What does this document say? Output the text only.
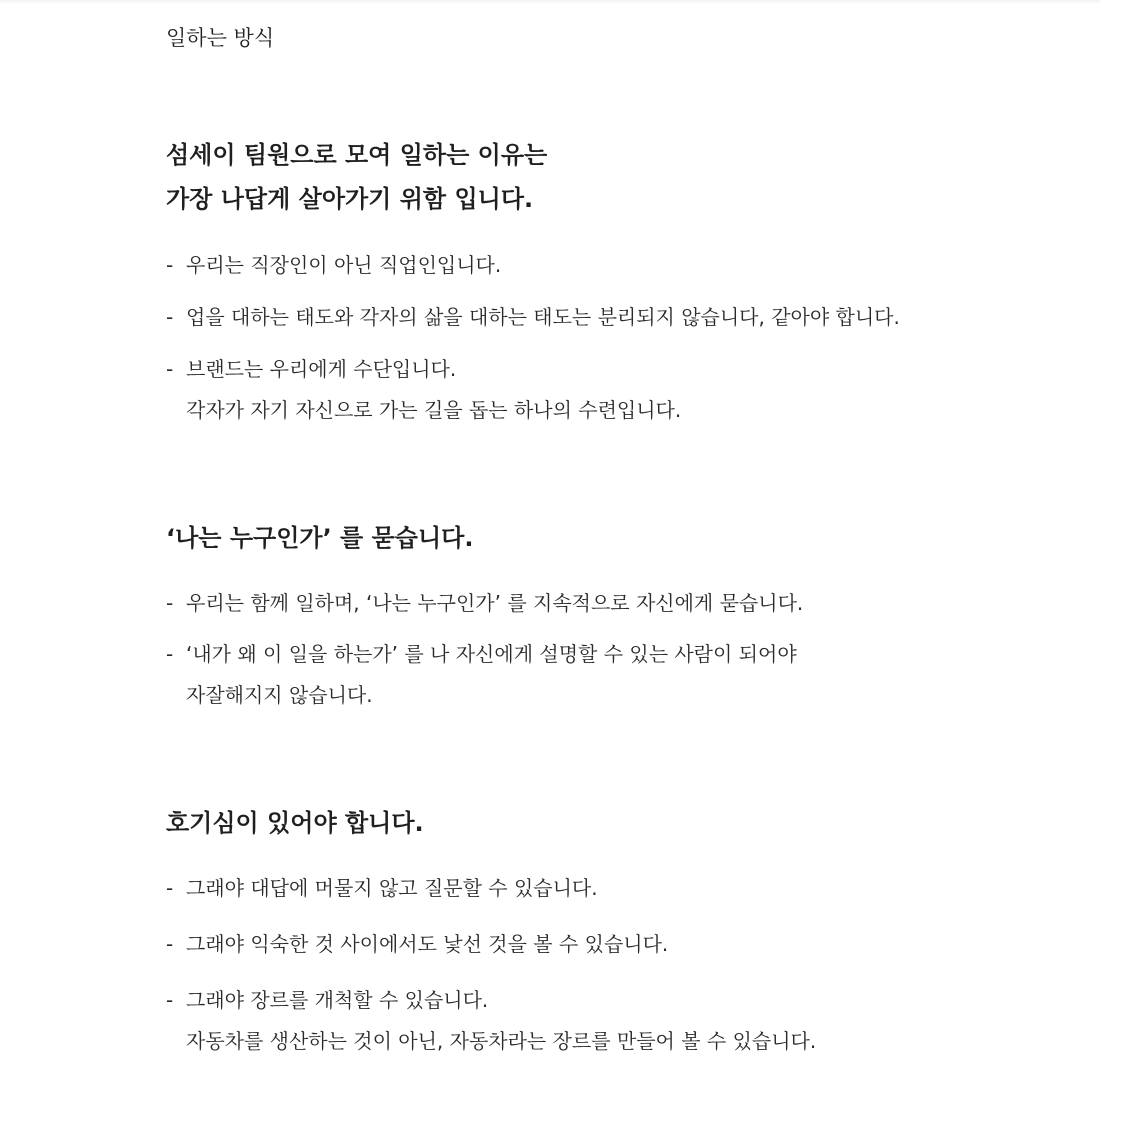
일하는 방식
섬세이 팀원으로 모여 일하는 이유는
가장 나답게 살아가기 위함 입니다.
- 우리는 직장인이 아닌 직업인입니다.
- 업을 대하는 태도와 각자의 삶을 대하는 태도는 분리되지 않습니다, 같아야 합니다.
- 브랜드는 우리에게 수단입니다.
각자가 자기 자신으로 가는 길을 돕는 하나의 수련입니다.
‘나는 누구인가’ 를 묻습니다.
- 우리는 함께 일하며, ‘나는 누구인가’ 를 지속적으로 자신에게 묻습니다.
- ‘내가 왜 이 일을 하는가’ 를 나 자신에게 설명할 수 있는 사람이 되어야
자잘해지지 않습니다.
호기심이 있어야 합니다.
- 그래야 대답에 머물지 않고 질문할 수 있습니다.
- 그래야 익숙한 것 사이에서도 낯선 것을 볼 수 있습니다.
- 그래야 장르를 개척할 수 있습니다.
자동차를 생산하는 것이 아닌, 자동차라는 장르를 만들어 볼 수 있습니다.
